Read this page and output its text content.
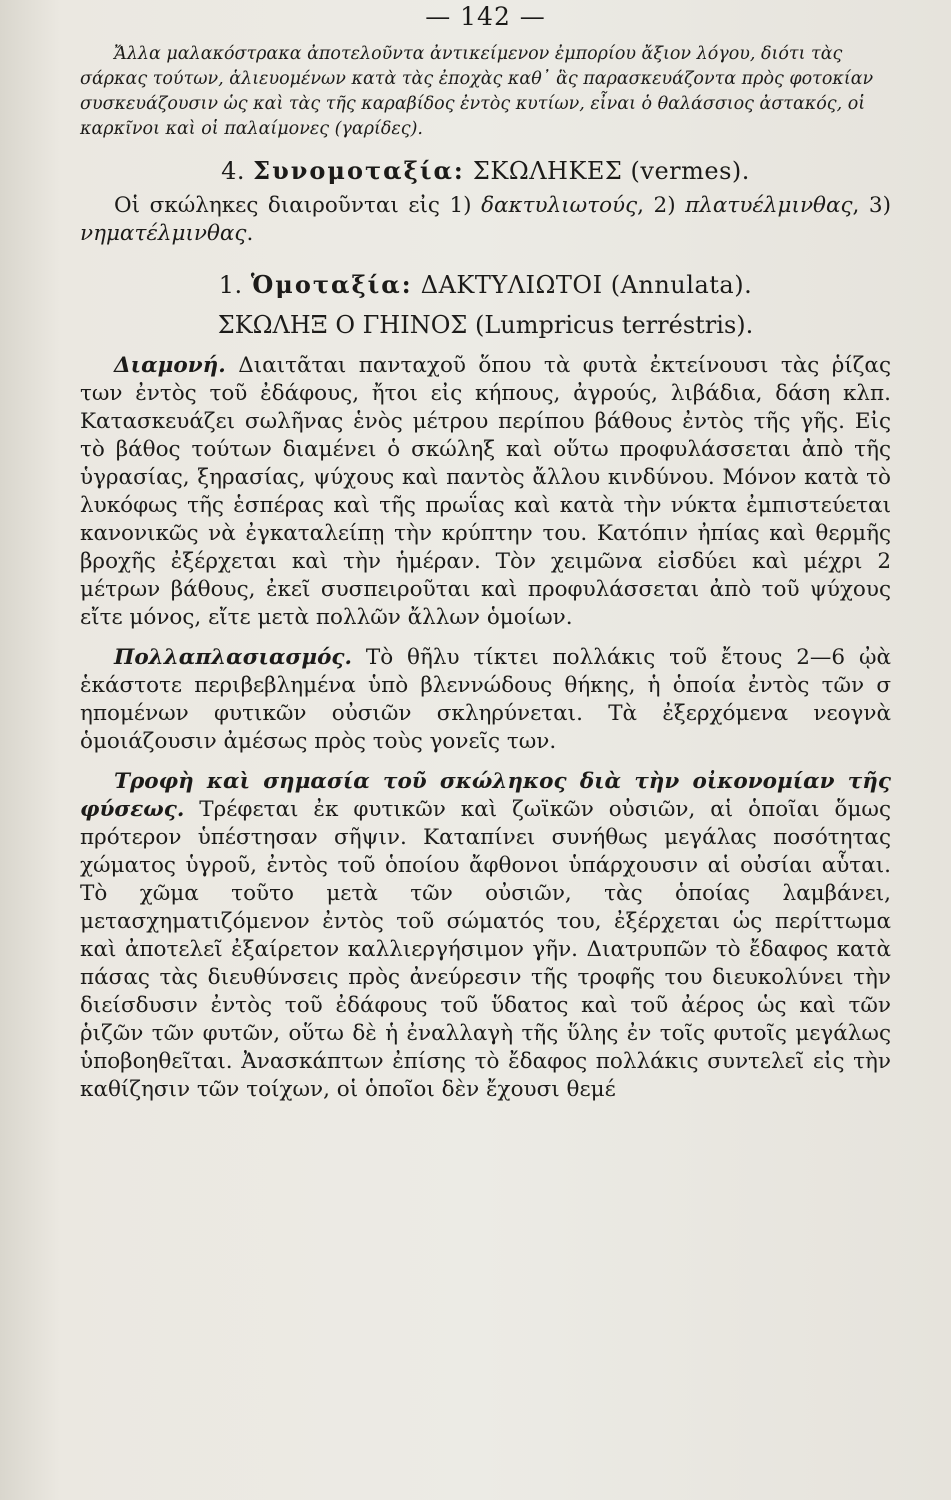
— 142 —

Ἄλλα μαλακόστρακα ἀποτελοῦντα ἀντικείμενον ἐμπορίου ἄξιον λόγου, διότι τὰς σάρκας τούτων, ἁλιευομένων κατὰ τὰς ἐποχὰς καθ᾿ ἃς παρασκευάζοντα πρὸς φοτοκίαν συσκευάζουσιν ὡς καὶ τὰς τῆς καραβίδος ἐντὸς κυτίων, εἶναι ὁ θαλάσσιος ἀστακός, οἱ καρκῖνοι καὶ οἱ παλαίμονες (γαρίδες).

4. Συνομοταξία: ΣΚΩΛΗΚΕΣ (vermes).

Οἱ σκώληκες διαιροῦνται εἰς 1) δακτυλιωτούς, 2) πλατυέλμινθας, 3) νηματέλμινθας.

1. Ὁμοταξία: ΔΑΚΤΥΛΙΩΤΟΙ (Annulata).
ΣΚΩΛΗΞ Ο ΓΗΙΝΟΣ (Lumpricus terréstris).

Διαμονή. Διαιτᾶται πανταχοῦ ὅπου τὰ φυτὰ ἐκτείνουσι τὰς ῥίζας των ἐντὸς τοῦ ἐδάφους, ἤτοι εἰς κήπους, ἀγρούς, λιβάδια, δάση κλπ. Κατασκευάζει σωλῆνας ἑνὸς μέτρου περίπου βάθους ἐντὸς τῆς γῆς. Εἰς τὸ βάθος τούτων διαμένει ὁ σκώληξ καὶ οὕτω προφυλάσσεται ἀπὸ τῆς ὑγρασίας, ξηρασίας, ψύχους καὶ παντὸς ἄλλου κινδύνου. Μόνον κατὰ τὸ λυκόφως τῆς ἑσπέρας καὶ τῆς πρωΐας καὶ κατὰ τὴν νύκτα ἐμπιστεύεται κανονικῶς νὰ ἐγκαταλείπῃ τὴν κρύπτην του. Κατόπιν ἠπίας καὶ θερμῆς βροχῆς ἐξέρχεται καὶ τὴν ἡμέραν. Τὸν χειμῶνα εἰσδύει καὶ μέχρι 2 μέτρων βάθους, ἐκεῖ συσπειροῦται καὶ προφυλάσσεται ἀπὸ τοῦ ψύχους εἴτε μόνος, εἴτε μετὰ πολλῶν ἄλλων ὁμοίων.

Πολλαπλασιασμός. Τὸ θῆλυ τίκτει πολλάκις τοῦ ἔτους 2—6 ᾠὰ ἑκάστοτε περιβεβλημένα ὑπὸ βλεννώδους θήκης, ἡ ὁποία ἐντὸς τῶν σ ηπομένων φυτικῶν οὐσιῶν σκληρύνεται. Τὰ ἐξερχόμενα νεογνὰ ὁμοιάζουσιν ἀμέσως πρὸς τοὺς γονεῖς των.

Τροφὴ καὶ σημασία τοῦ σκώληκος διὰ τὴν οἰκονομίαν τῆς φύσεως. Τρέφεται ἐκ φυτικῶν καὶ ζωϊκῶν οὐσιῶν, αἱ ὁποῖαι ὅμως πρότερον ὑπέστησαν σῆψιν. Καταπίνει συνήθως μεγάλας ποσότητας χώματος ὑγροῦ, ἐντὸς τοῦ ὁποίου ἄφθονοι ὑπάρχουσιν αἱ οὐσίαι αὗται. Τὸ χῶμα τοῦτο μετὰ τῶν οὐσιῶν, τὰς ὁποίας λαμβάνει, μετασχηματιζόμενον ἐντὸς τοῦ σώματός του, ἐξέρχεται ὡς περίττωμα καὶ ἀποτελεῖ ἐξαίρετον καλλιεργήσιμον γῆν. Διατρυπῶν τὸ ἔδαφος κατὰ πάσας τὰς διευθύνσεις πρὸς ἀνεύρεσιν τῆς τροφῆς του διευκολύνει τὴν διείσδυσιν ἐντὸς τοῦ ἐδάφους τοῦ ὕδατος καὶ τοῦ ἀέρος ὡς καὶ τῶν ῥιζῶν τῶν φυτῶν, οὕτω δὲ ἡ ἐναλλαγὴ τῆς ὕλης ἐν τοῖς φυτοῖς μεγάλως ὑποβοηθεῖται. Ἀνασκάπτων ἐπίσης τὸ ἔδαφος πολλάκις συντελεῖ εἰς τὴν καθίζησιν τῶν τοίχων, οἱ ὁποῖοι δὲν ἔχουσι θεμέ
